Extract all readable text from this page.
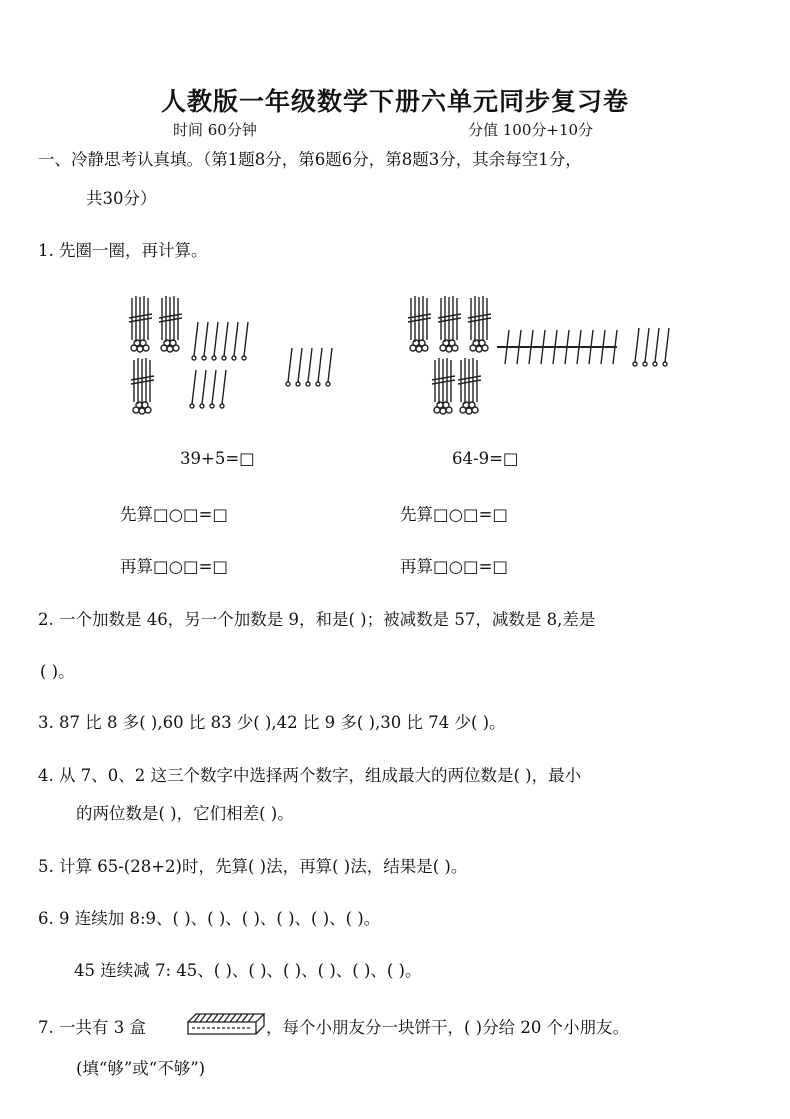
人教版一年级数学下册六单元同步复习卷
时间 60分钟	分值 100分+10分
一、冷静思考认真填。（第1题8分，第6题6分，第8题3分，其余每空1分，
共30分）
1. 先圈一圈，再计算。
39+5=□	64-9=□
先算□○□=□	先算□○□=□
再算□○□=□	再算□○□=□
2. 一个加数是 46，另一个加数是 9，和是( )；被减数是 57，减数是 8,差是
( )。
3. 87 比 8 多( ),60 比 83 少( ),42 比 9 多( ),30 比 74 少( )。
4. 从 7、0、2 这三个数字中选择两个数字，组成最大的两位数是( )，最小
的两位数是( )，它们相差( )。
5. 计算 65-(28+2)时，先算( )法，再算( )法，结果是( )。
6. 9 连续加 8:9、( )、( )、( )、( )、( )、( )。
45 连续减 7: 45、( )、( )、( )、( )、( )、( )。
7. 一共有 3 盒	，每个小朋友分一块饼干，( )分给 20 个小朋友。
(填“够”或“不够”)
